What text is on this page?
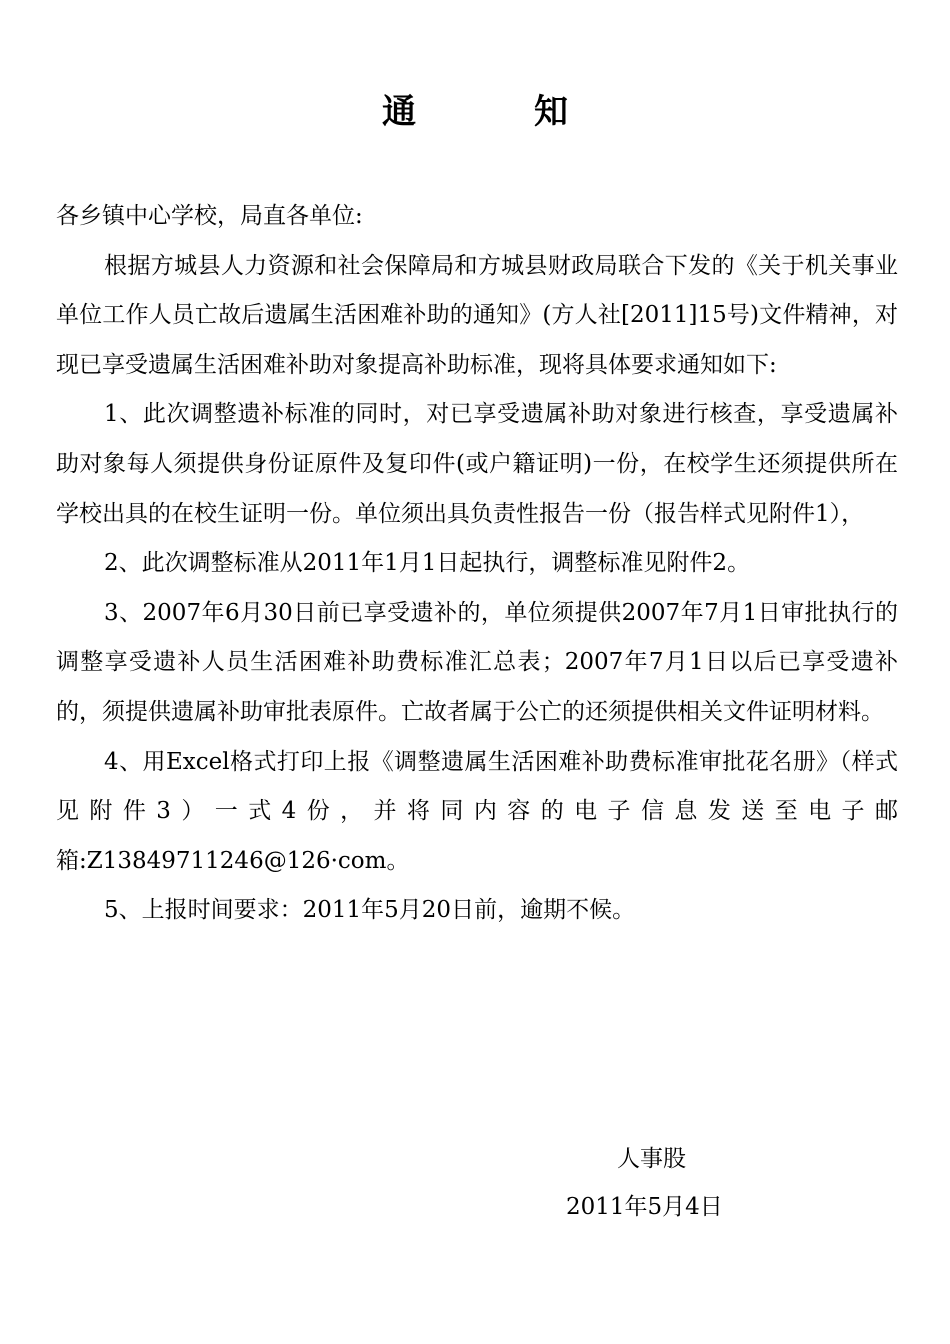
通	知

各乡镇中心学校，局直各单位:

根据方城县人力资源和社会保障局和方城县财政局联合下发的《关于机关事业单位工作人员亡故后遗属生活困难补助的通知》(方人社[2011]15号)文件精神，对现已享受遗属生活困难补助对象提高补助标准，现将具体要求通知如下:

1、此次调整遗补标准的同时，对已享受遗属补助对象进行核查，享受遗属补助对象每人须提供身份证原件及复印件(或户籍证明)一份，在校学生还须提供所在学校出具的在校生证明一份。单位须出具负责性报告一份（报告样式见附件1），

2、此次调整标准从2011年1月1日起执行，调整标准见附件2。

3、2007年6月30日前已享受遗补的，单位须提供2007年7月1日审批执行的调整享受遗补人员生活困难补助费标准汇总表；2007年7月1日以后已享受遗补的，须提供遗属补助审批表原件。亡故者属于公亡的还须提供相关文件证明材料。

4、用Excel格式打印上报《调整遗属生活困难补助费标准审批花名册》（样式见附件3）一式4份，并将同内容的电子信息发送至电子邮箱:Z13849711246@126·com。

5、上报时间要求：2011年5月20日前，逾期不候。

人事股
2011年5月4日
